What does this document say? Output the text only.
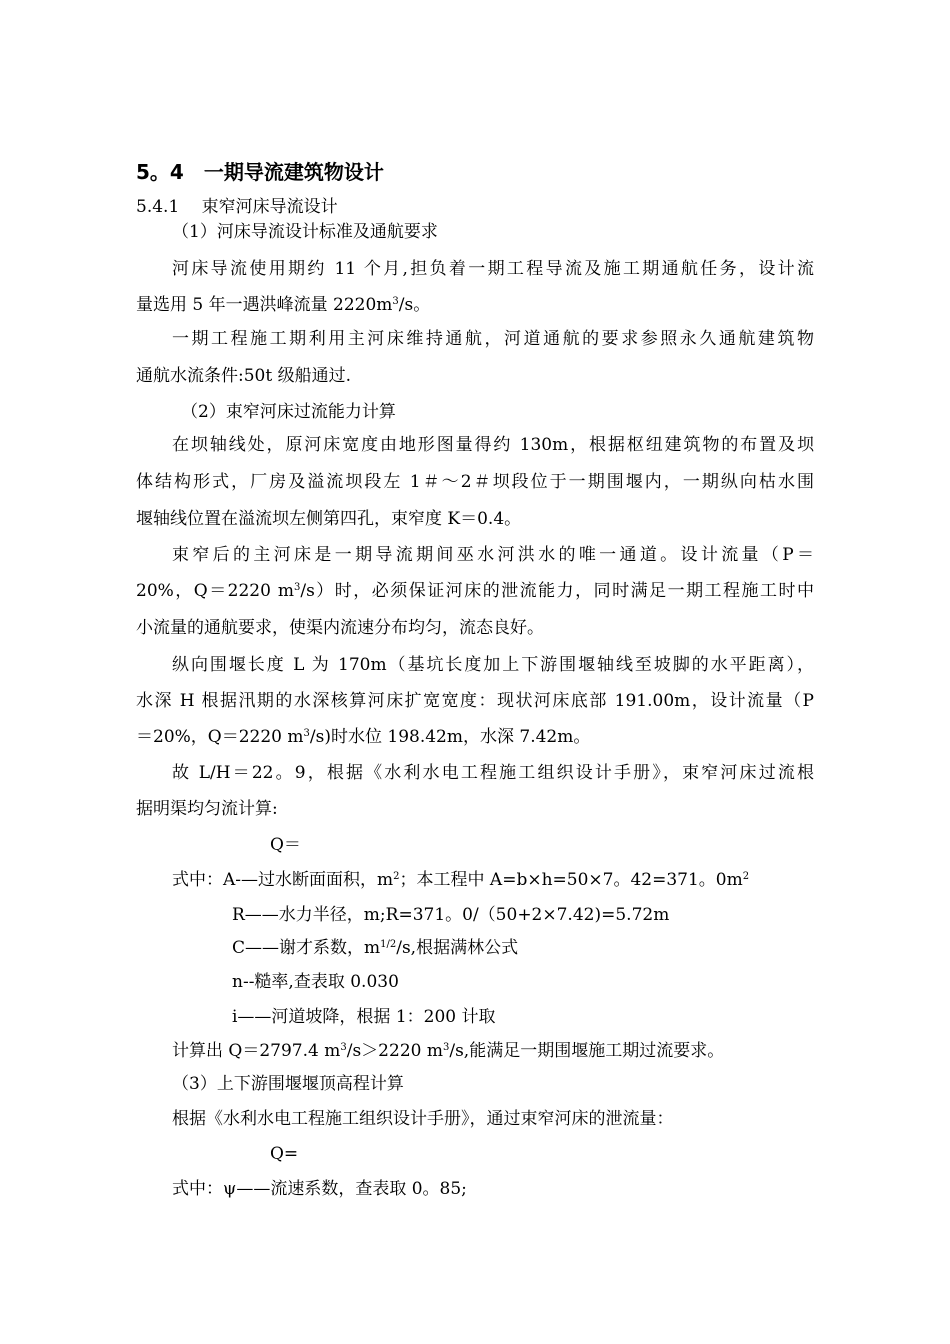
5。4　一期导流建筑物设计
5.4.1　 束窄河床导流设计
（1）河床导流设计标准及通航要求
河床导流使用期约 11 个月,担负着一期工程导流及施工期通航任务，设计流
量选用 5 年一遇洪峰流量 $2220m^3/s$。
一期工程施工期利用主河床维持通航，河道通航的要求参照永久通航建筑物
通航水流条件:50t 级船通过.
（2）束窄河床过流能力计算
在坝轴线处，原河床宽度由地形图量得约 130m，根据枢纽建筑物的布置及坝
体结构形式，厂房及溢流坝段左 1＃～2＃坝段位于一期围堰内，一期纵向枯水围
堰轴线位置在溢流坝左侧第四孔，束窄度 K＝0.4。
束窄后的主河床是一期导流期间巫水河洪水的唯一通道。设计流量（P＝
20%，Q＝2220 $m^3/s$）时，必须保证河床的泄流能力，同时满足一期工程施工时中
小流量的通航要求，使渠内流速分布均匀，流态良好。
纵向围堰长度 L 为 170m（基坑长度加上下游围堰轴线至坡脚的水平距离），
水深 H 根据汛期的水深核算河床扩宽宽度：现状河床底部 191.00m，设计流量（P
＝20%，Q＝2220 $m^3/s$)时水位 198.42m，水深 7.42m。
故 L/H＝22。9，根据《水利水电工程施工组织设计手册》，束窄河床过流根
据明渠均匀流计算:
Q＝
式中：A-—过水断面面积，$m^2$；本工程中 A=b×h=50×7。42=371。$0m^2$
R——水力半径，m;R=371。0/（50+2×7.42)=5.72m
C——谢才系数，$m^{1/2}/s$,根据满林公式
n--糙率,查表取 0.030
i——河道坡降，根据 1：200 计取
计算出 Q＝2797.4 $m^3/s>2220$ $m^3/s$,能满足一期围堰施工期过流要求。
（3）上下游围堰堰顶高程计算
根据《水利水电工程施工组织设计手册》，通过束窄河床的泄流量：
Q=
式中：ψ——流速系数，查表取 0。85;
